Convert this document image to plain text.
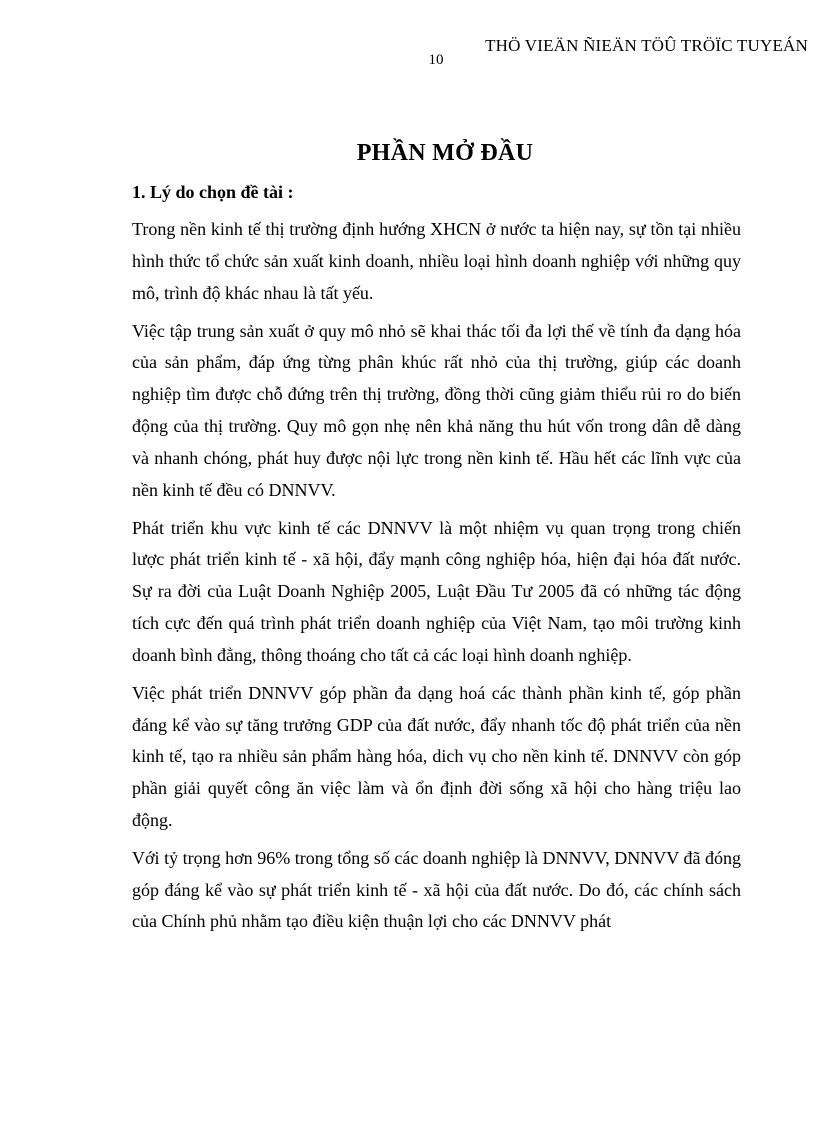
THÖ VIEÄN ÑIEÄN TÖÛ TRÖÏC TUYEÁN
10
PHẦN MỞ ĐẦU
1. Lý do chọn đề tài :

Trong nền kinh tế thị trường định hướng XHCN ở nước ta hiện nay, sự tồn tại nhiều hình thức tổ chức sản xuất kinh doanh, nhiều loại hình doanh nghiệp với những quy mô, trình độ khác nhau là tất yếu.

Việc tập trung sản xuất ở quy mô nhỏ sẽ khai thác tối đa lợi thế về tính đa dạng hóa của sản phẩm, đáp ứng từng phân khúc rất nhỏ của thị trường, giúp các doanh nghiệp tìm được chỗ đứng trên thị trường, đồng thời cũng giảm thiểu rủi ro do biến động của thị trường. Quy mô gọn nhẹ nên khả năng thu hút vốn trong dân dễ dàng và nhanh chóng, phát huy được nội lực trong nền kinh tế. Hầu hết các lĩnh vực của nền kinh tế đều có DNNVV.

Phát triển khu vực kinh tế các DNNVV là một nhiệm vụ quan trọng trong chiến lược phát triển kinh tế - xã hội, đẩy mạnh công nghiệp hóa, hiện đại hóa đất nước. Sự ra đời của Luật Doanh Nghiệp 2005, Luật Đầu Tư 2005 đã có những tác động tích cực đến quá trình phát triển doanh nghiệp của Việt Nam, tạo môi trường kinh doanh bình đẳng, thông thoáng cho tất cả các loại hình doanh nghiệp.

Việc phát triển DNNVV góp phần đa dạng hoá các thành phần kinh tế, góp phần đáng kể vào sự tăng trưởng GDP của đất nước, đẩy nhanh tốc độ phát triển của nền kinh tế, tạo ra nhiều sản phẩm hàng hóa, dich vụ cho nền kinh tế. DNNVV còn góp phần giải quyết công ăn việc làm và ổn định đời sống xã hội cho hàng triệu lao động.

Với tỷ trọng hơn 96% trong tổng số các doanh nghiệp là DNNVV, DNNVV đã đóng góp đáng kể vào sự phát triển kinh tế - xã hội của đất nước. Do đó, các chính sách của Chính phủ nhằm tạo điều kiện thuận lợi cho các DNNVV phát
